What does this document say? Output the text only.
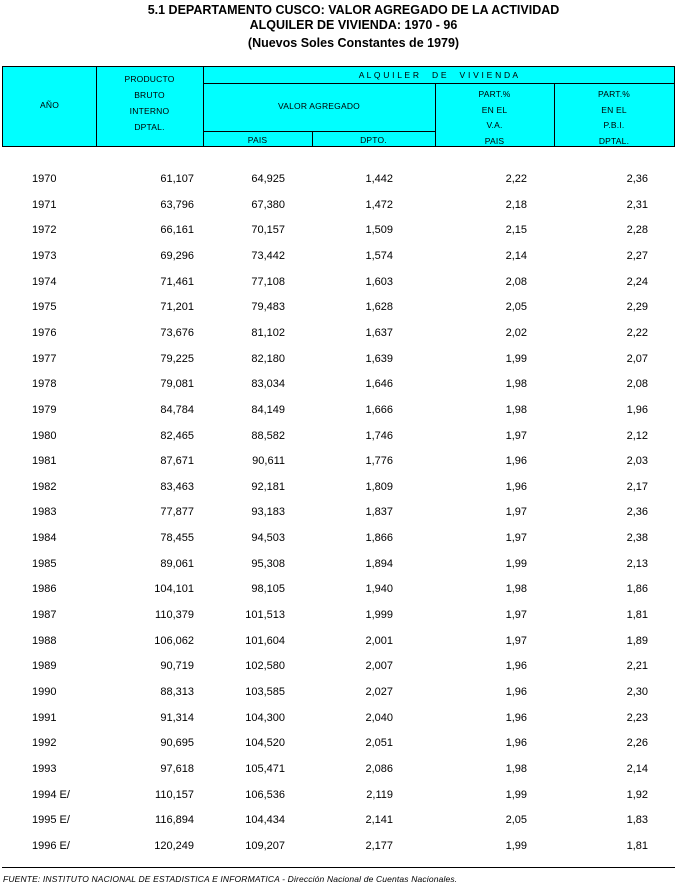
5.1 DEPARTAMENTO CUSCO: VALOR AGREGADO DE LA ACTIVIDAD
ALQUILER DE VIVIENDA: 1970 - 96
(Nuevos Soles Constantes de 1979)
AÑO
PRODUCTO
BRUTO
INTERNO
DPTAL.
A L Q U I L E R     D E     V I V I E N D A
VALOR AGREGADO
PAIS	DPTO.
PART.%
EN EL
V.A.
PAIS
PART.%
EN EL
P.B.I.
DPTAL.
1970	61,107	64,925	1,442	2,22	2,36
1971	63,796	67,380	1,472	2,18	2,31
1972	66,161	70,157	1,509	2,15	2,28
1973	69,296	73,442	1,574	2,14	2,27
1974	71,461	77,108	1,603	2,08	2,24
1975	71,201	79,483	1,628	2,05	2,29
1976	73,676	81,102	1,637	2,02	2,22
1977	79,225	82,180	1,639	1,99	2,07
1978	79,081	83,034	1,646	1,98	2,08
1979	84,784	84,149	1,666	1,98	1,96
1980	82,465	88,582	1,746	1,97	2,12
1981	87,671	90,611	1,776	1,96	2,03
1982	83,463	92,181	1,809	1,96	2,17
1983	77,877	93,183	1,837	1,97	2,36
1984	78,455	94,503	1,866	1,97	2,38
1985	89,061	95,308	1,894	1,99	2,13
1986	104,101	98,105	1,940	1,98	1,86
1987	110,379	101,513	1,999	1,97	1,81
1988	106,062	101,604	2,001	1,97	1,89
1989	90,719	102,580	2,007	1,96	2,21
1990	88,313	103,585	2,027	1,96	2,30
1991	91,314	104,300	2,040	1,96	2,23
1992	90,695	104,520	2,051	1,96	2,26
1993	97,618	105,471	2,086	1,98	2,14
1994 E/	110,157	106,536	2,119	1,99	1,92
1995 E/	116,894	104,434	2,141	2,05	1,83
1996 E/	120,249	109,207	2,177	1,99	1,81
FUENTE: INSTITUTO NACIONAL DE ESTADISTICA E INFORMATICA - Dirección Nacional de Cuentas Nacionales.
